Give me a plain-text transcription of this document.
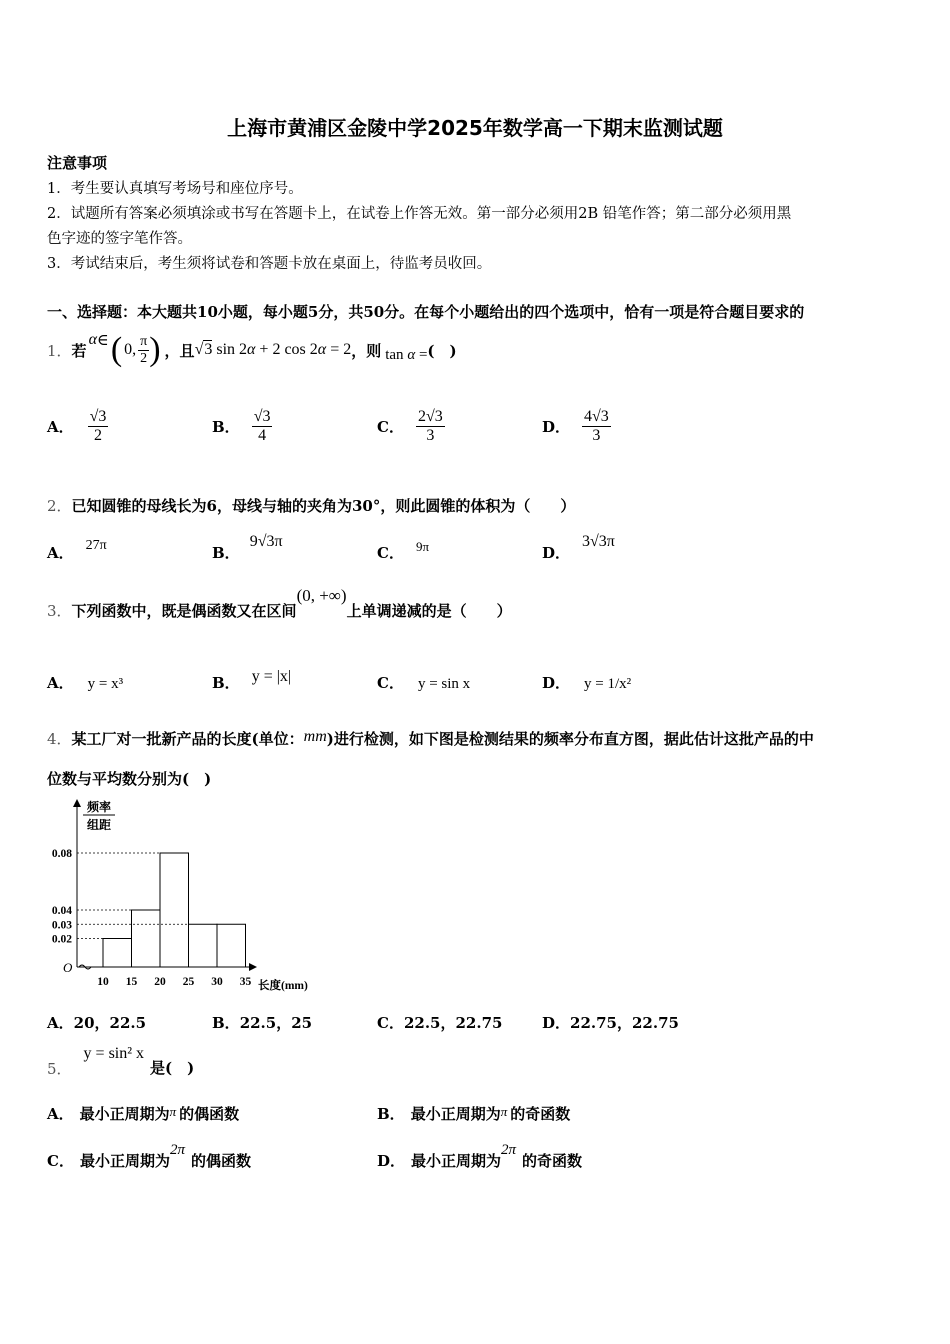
上海市黄浦区金陵中学2025年数学高一下期末监测试题
注意事项
1．考生要认真填写考场号和座位序号。
2．试题所有答案必须填涂或书写在答题卡上，在试卷上作答无效。第一部分必须用2B 铅笔作答；第二部分必须用黑
色字迹的签字笔作答。
3．考试结束后，考生须将试卷和答题卡放在桌面上，待监考员收回。
一、选择题：本大题共10小题，每小题5分，共50分。在每个小题给出的四个选项中，恰有一项是符合题目要求的
1． 若
α ∈ ( 0, $\frac{\pi}{2}$ ) ，且 √3 sin 2α + 2 cos 2α = 2 ，则 tan α = (　)
A． $\frac{√3}{2}$	B． $\frac{√3}{4}$	C． $\frac{2√3}{3}$	D． $\frac{4√3}{3}$
2．已知圆锥的母线长为6，母线与轴的夹角为30°，则此圆锥的体积为（　　）
A． 27π	B．9√3π
C． 9π	D．3√3π
3． 下列函数中，既是偶函数又在区间
(0, +∞)
上单调递减的是（　　）
A． y = x³	B． y = |x|	C． y = sin x	D． y = 1/x²
4．某工厂对一批新产品的长度(单位：mm)进行检测，如下图是检测结果的频率分布直方图，据此估计这批产品的中
位数与平均数分别为(　)
频率
组距
O
0.02
0.03
0.04
0.08
10 15 20 25 30 35 长度(mm)
A．20，22.5	B．22.5，25	C．22.5，22.75	D．22.75，22.75
5．
y = sin² x
是(　)
A． 最小正周期为π 的偶函数	B． 最小正周期为π 的奇函数
C． 最小正周期为2π的偶函数	D． 最小正周期为2π的奇函数
